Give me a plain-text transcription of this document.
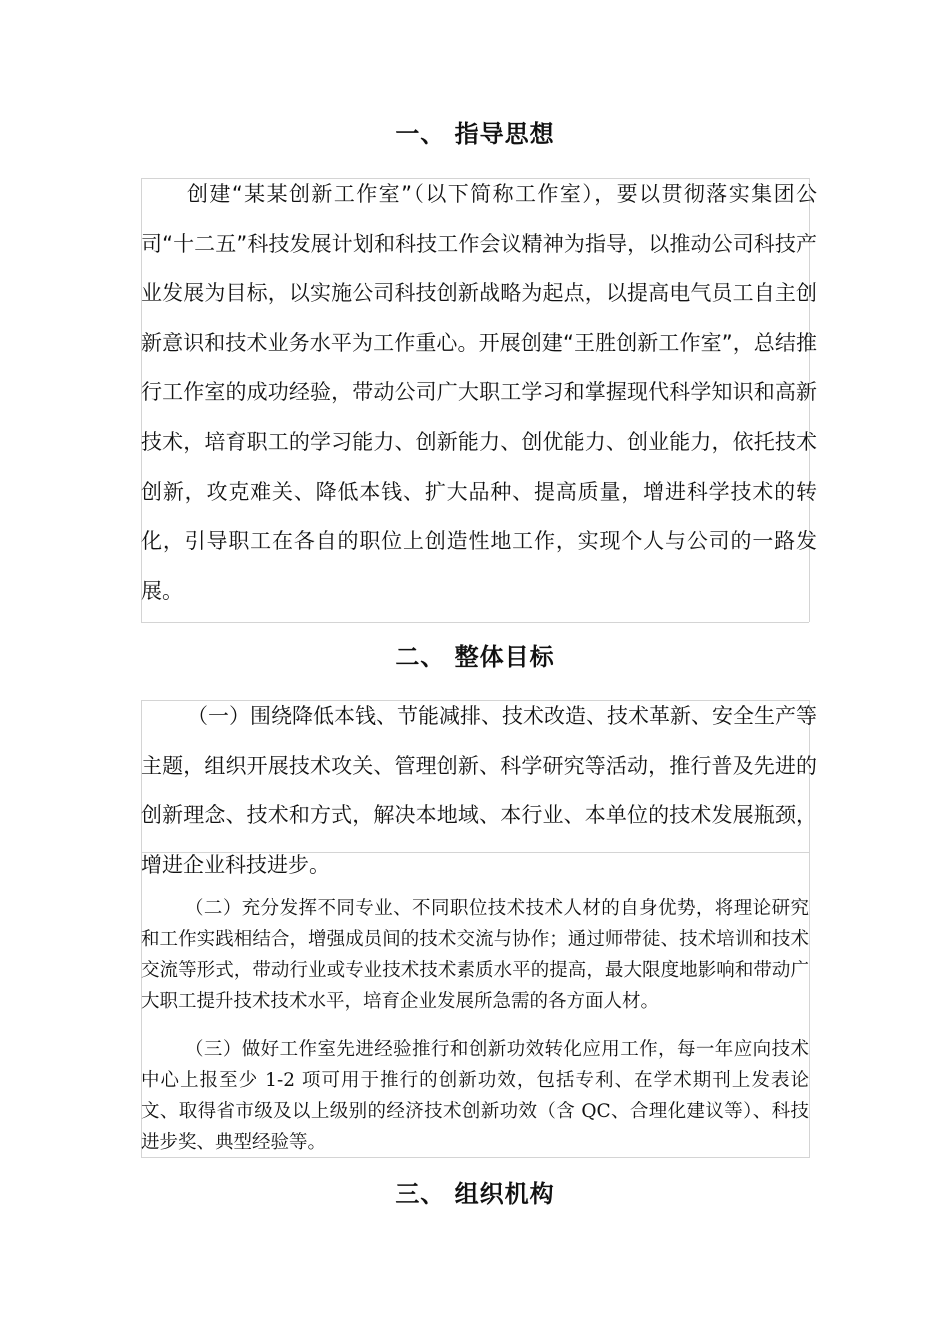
一、 指导思想

创建“某某创新工作室”（以下简称工作室），要以贯彻落实集团公司“十二五”科技发展计划和科技工作会议精神为指导，以推动公司科技产业发展为目标，以实施公司科技创新战略为起点，以提高电气员工自主创新意识和技术业务水平为工作重心。开展创建“王胜创新工作室”，总结推行工作室的成功经验，带动公司广大职工学习和掌握现代科学知识和高新技术，培育职工的学习能力、创新能力、创优能力、创业能力，依托技术创新，攻克难关、降低本钱、扩大品种、提高质量，增进科学技术的转化，引导职工在各自的职位上创造性地工作，实现个人与公司的一路发展。

二、 整体目标

（一）围绕降低本钱、节能减排、技术改造、技术革新、安全生产等主题，组织开展技术攻关、管理创新、科学研究等活动，推行普及先进的创新理念、技术和方式，解决本地域、本行业、本单位的技术发展瓶颈，增进企业科技进步。

（二）充分发挥不同专业、不同职位技术技术人材的自身优势，将理论研究和工作实践相结合，增强成员间的技术交流与协作；通过师带徒、技术培训和技术交流等形式，带动行业或专业技术技术素质水平的提高，最大限度地影响和带动广大职工提升技术技术水平，培育企业发展所急需的各方面人材。

（三）做好工作室先进经验推行和创新功效转化应用工作，每一年应向技术中心上报至少 1-2 项可用于推行的创新功效，包括专利、在学术期刊上发表论文、取得省市级及以上级别的经济技术创新功效（含 QC、合理化建议等）、科技进步奖、典型经验等。

三、 组织机构
